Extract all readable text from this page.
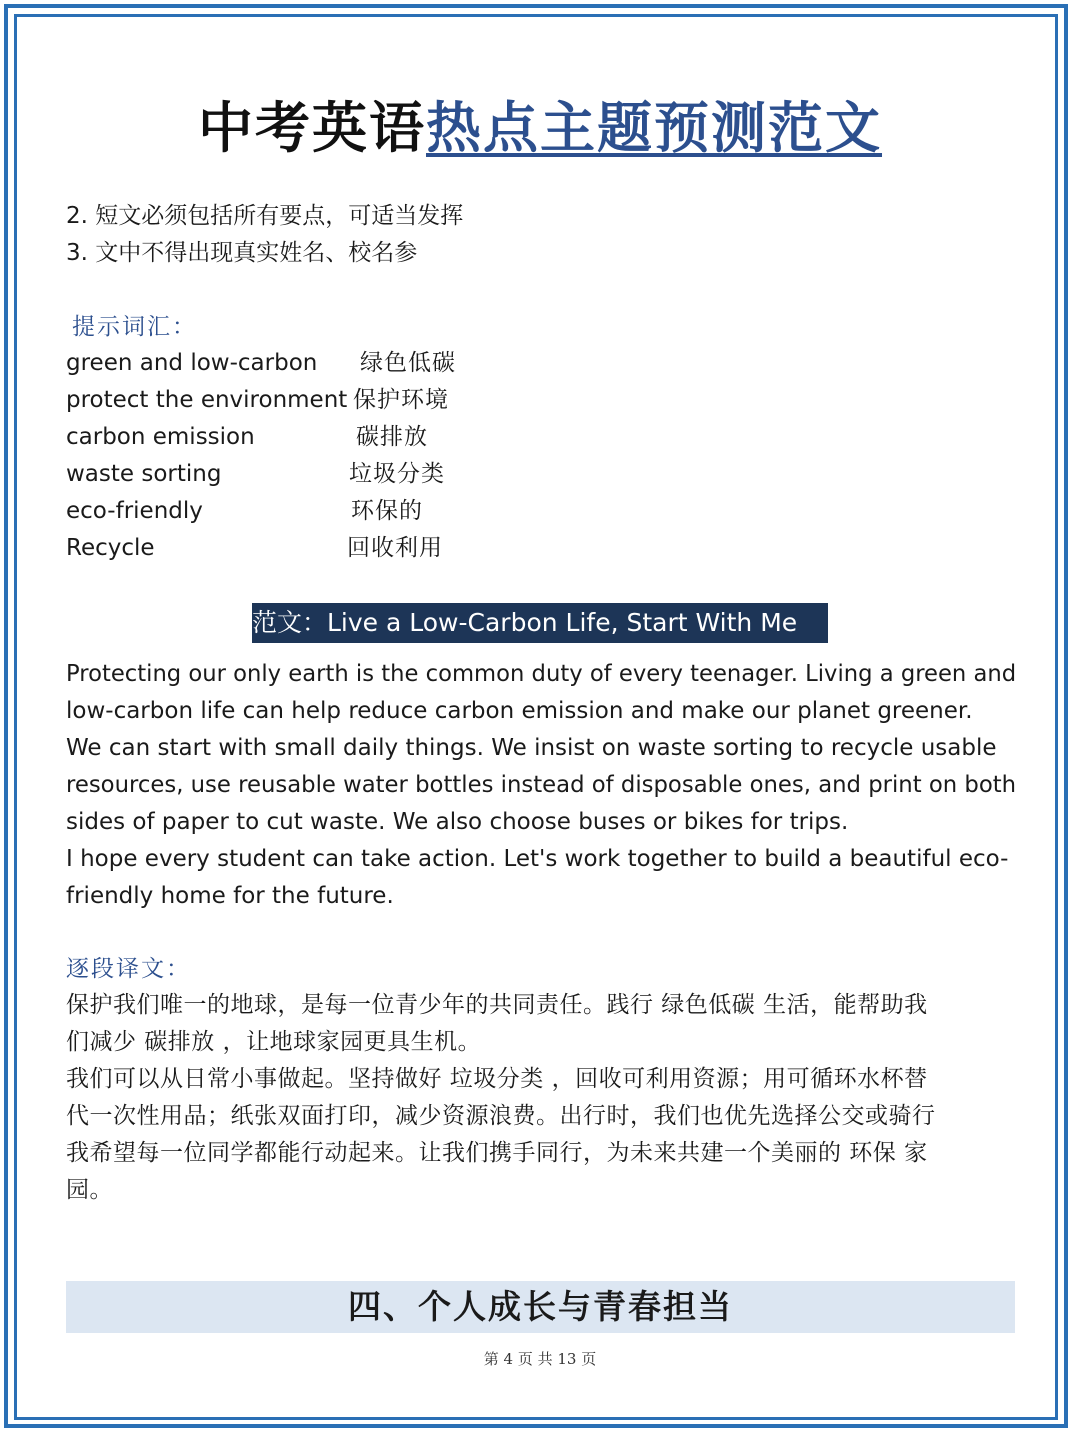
中考英语热点主题预测范文
2. 短文必须包括所有要点，可适当发挥
3. 文中不得出现真实姓名、校名参
提示词汇：
green and low-carbon 绿色低碳
protect the environment 保护环境
carbon emission	碳排放
waste sorting	垃圾分类
eco-friendly	环保的
Recycle	回收利用
范文：Live a Low-Carbon Life, Start With Me
Protecting our only earth is the common duty of every teenager. Living a green and
low-carbon life can help reduce carbon emission and make our planet greener.
We can start with small daily things. We insist on waste sorting to recycle usable
resources, use reusable water bottles instead of disposable ones, and print on both
sides of paper to cut waste. We also choose buses or bikes for trips.
I hope every student can take action. Let's work together to build a beautiful eco-
friendly home for the future.
逐段译文：
保护我们唯一的地球，是每一位青少年的共同责任。践行 绿色低碳 生活，能帮助我
们减少 碳排放 ，让地球家园更具生机。
我们可以从日常小事做起。坚持做好 垃圾分类 ，回收可利用资源；用可循环水杯替
代一次性用品；纸张双面打印，减少资源浪费。出行时，我们也优先选择公交或骑行
我希望每一位同学都能行动起来。让我们携手同行，为未来共建一个美丽的 环保 家
园。
四、个人成长与青春担当
第 4 页 共 13 页
